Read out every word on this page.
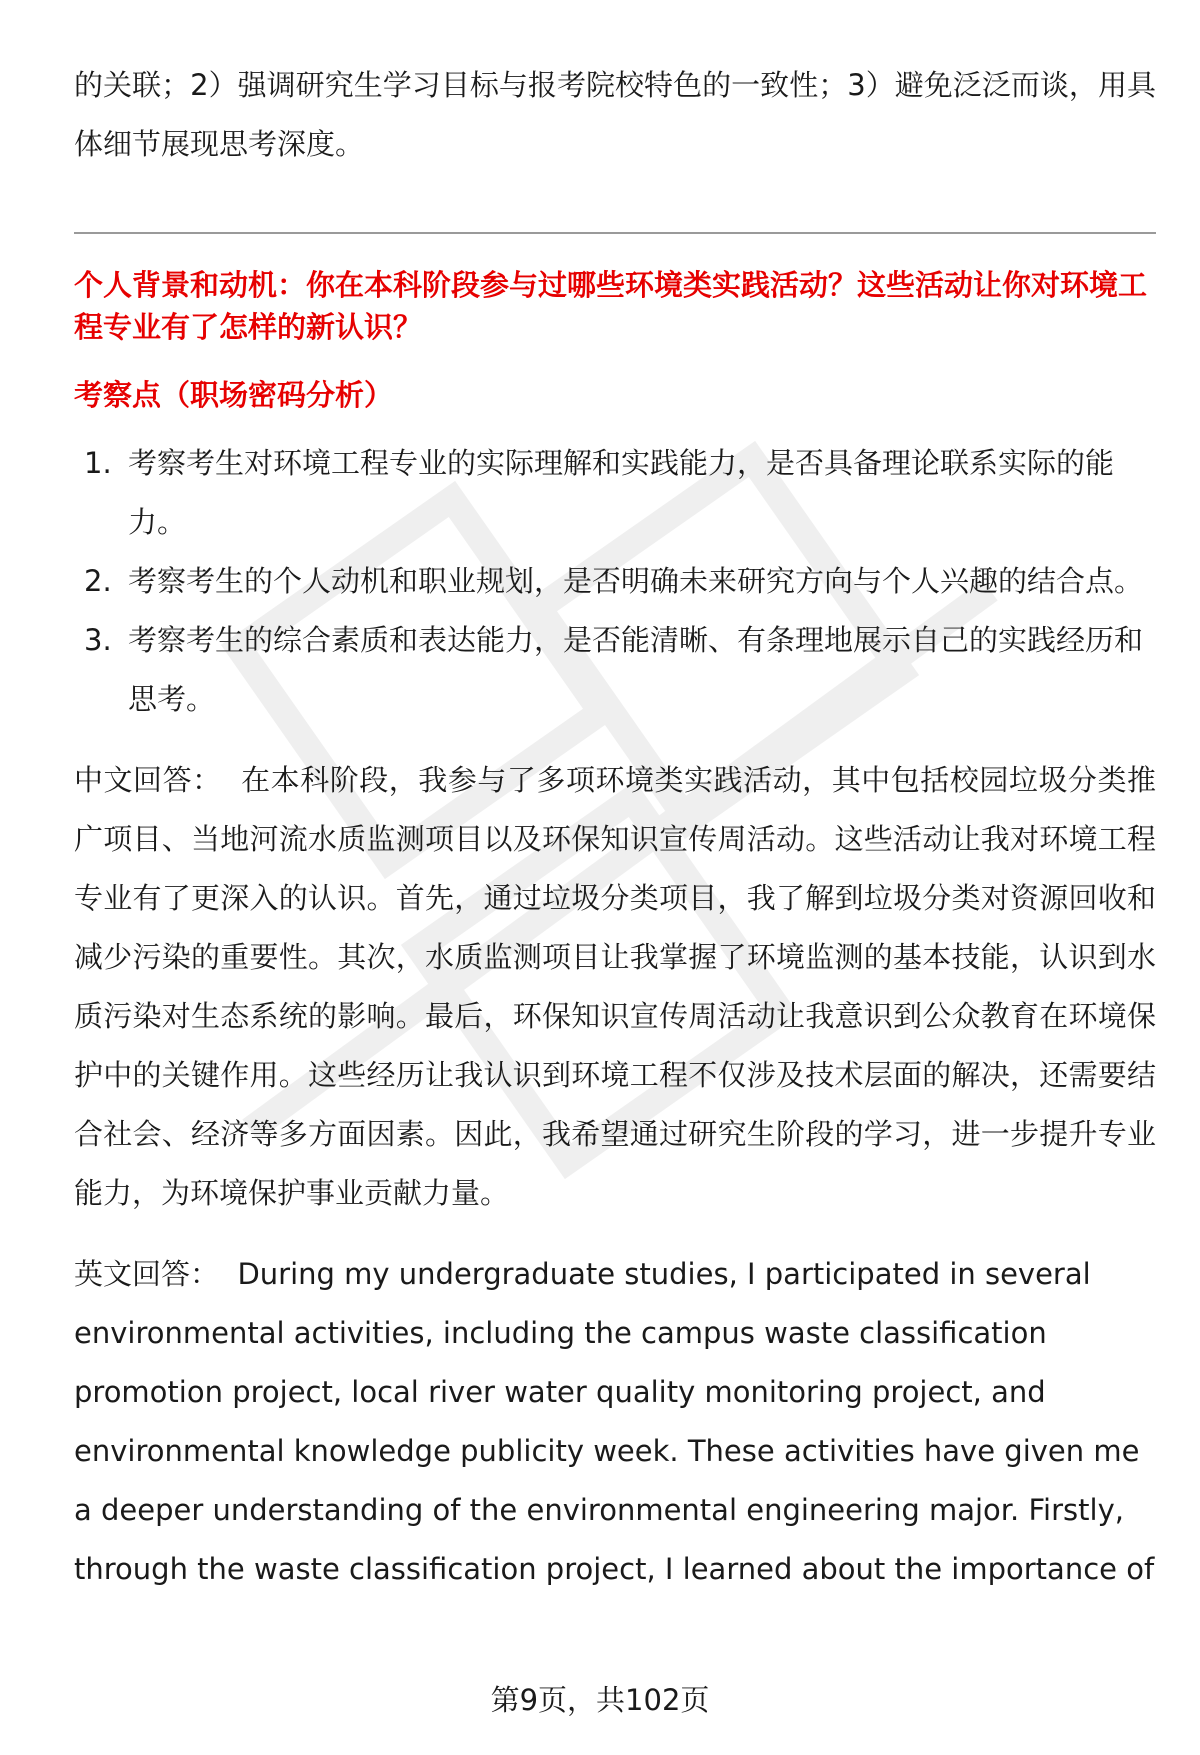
的关联；2）强调研究生学习目标与报考院校特色的一致性；3）避免泛泛而谈，用具体细节展现思考深度。

个人背景和动机：你在本科阶段参与过哪些环境类实践活动？这些活动让你对环境工程专业有了怎样的新认识？

考察点（职场密码分析）

1. 考察考生对环境工程专业的实际理解和实践能力，是否具备理论联系实际的能力。
2. 考察考生的个人动机和职业规划，是否明确未来研究方向与个人兴趣的结合点。
3. 考察考生的综合素质和表达能力，是否能清晰、有条理地展示自己的实践经历和思考。

中文回答： 在本科阶段，我参与了多项环境类实践活动，其中包括校园垃圾分类推广项目、当地河流水质监测项目以及环保知识宣传周活动。这些活动让我对环境工程专业有了更深入的认识。首先，通过垃圾分类项目，我了解到垃圾分类对资源回收和减少污染的重要性。其次，水质监测项目让我掌握了环境监测的基本技能，认识到水质污染对生态系统的影响。最后，环保知识宣传周活动让我意识到公众教育在环境保护中的关键作用。这些经历让我认识到环境工程不仅涉及技术层面的解决，还需要结合社会、经济等多方面因素。因此，我希望通过研究生阶段的学习，进一步提升专业能力，为环境保护事业贡献力量。

英文回答： During my undergraduate studies, I participated in several environmental activities, including the campus waste classification promotion project, local river water quality monitoring project, and environmental knowledge publicity week. These activities have given me a deeper understanding of the environmental engineering major. Firstly, through the waste classification project, I learned about the importance of

第9页，共102页
